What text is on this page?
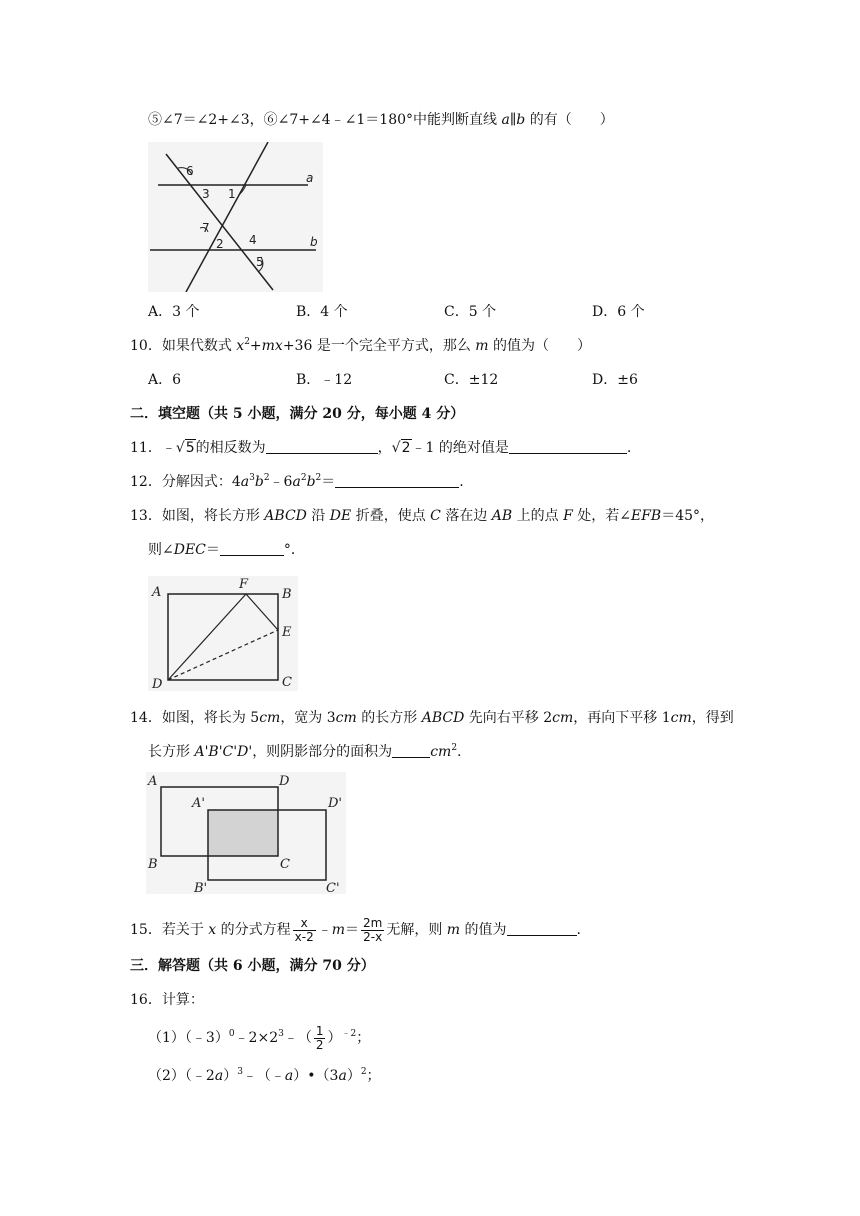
⑤∠7＝∠2+∠3，⑥∠7+∠4﹣∠1＝180°中能判断直线 a∥b 的有（　　）
6
3 1
a
7
2 4	b
5
A．3 个	B．4 个	C．5 个	D．6 个
10．如果代数式 $x^2+mx+36$ 是一个完全平方式，那么 m 的值为（　　）
A．6	B．﹣12	C．±12	D．±6
二．填空题（共 5 小题，满分 20 分，每小题 4 分）
11．﹣√5的相反数为	，√2﹣1 的绝对值是	.
12．分解因式：$4a^3b^2﹣6a^2b^2=$	.
13．如图，将长方形 ABCD 沿 DE 折叠，使点 C 落在边 AB 上的点 F 处，若∠EFB＝45°，
则∠DEC＝	°．
A
F
B
E
D	C
14．如图，将长为 5cm，宽为 3cm 的长方形 ABCD 先向右平移 2cm，再向下平移 1cm，得到
长方形 A'B'C'D'，则阴影部分的面积为	$cm^2$.
A	D
A'	D'
B	C
B'	C'
15．若关于 x 的分式方程 $\frac{x}{x-2}$ ﹣m＝ $\frac{2m}{2-x}$ 无解，则 m 的值为	.
三．解答题（共 6 小题，满分 70 分）
16．计算：
$(1)(﹣3)^0﹣2\times 2^3﹣( \frac{1}{2} )^{﹣2}$；
$(2)(﹣2a)^3﹣(﹣a)•(3a)^2$；
